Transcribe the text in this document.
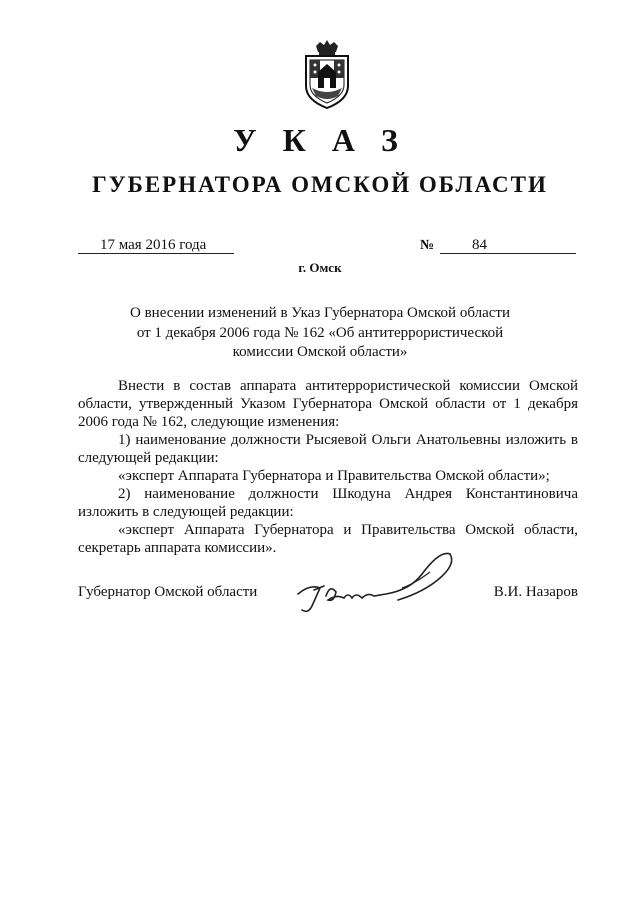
У К А З
ГУБЕРНАТОРА ОМСКОЙ ОБЛАСТИ
17 мая 2016 года	№	84
г. Омск
О внесении изменений в Указ Губернатора Омской области
от 1 декабря 2006 года № 162 «Об антитеррористической
комиссии Омской области»

Внести в состав аппарата антитеррористической комиссии Омской области, утвержденный Указом Губернатора Омской области от 1 декабря 2006 года № 162, следующие изменения:

1) наименование должности Рысяевой Ольги Анатольевны изложить в следующей редакции:

«эксперт Аппарата Губернатора и Правительства Омской области»;

2) наименование должности Шкодуна Андрея Константиновича изложить в следующей редакции:

«эксперт Аппарата Губернатора и Правительства Омской области, секретарь аппарата комиссии».

Губернатор Омской области	В.И. Назаров
